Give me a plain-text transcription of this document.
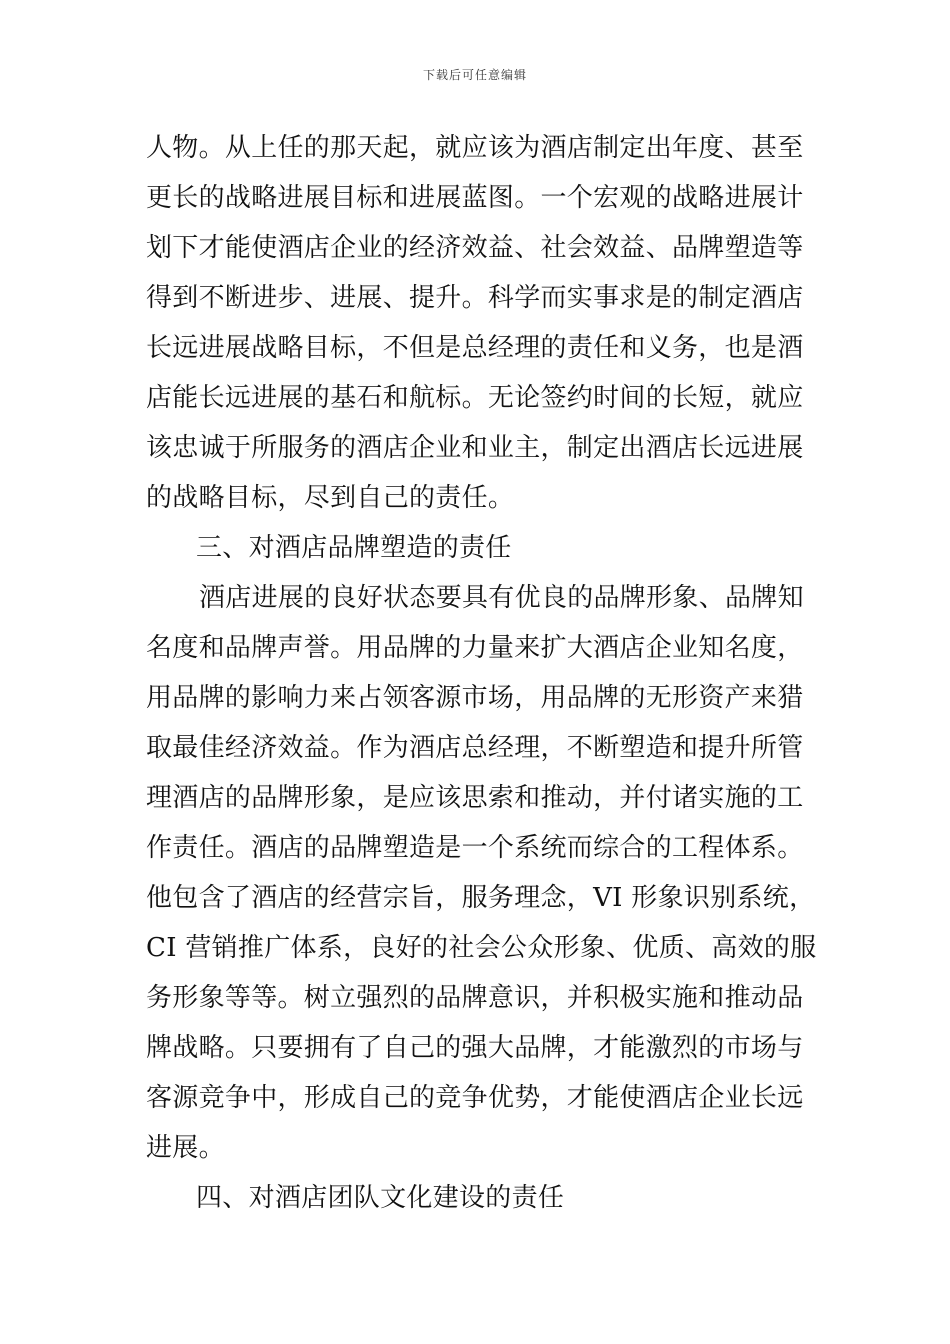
下载后可任意编辑
人物。从上任的那天起，就应该为酒店制定出年度、甚至
更长的战略进展目标和进展蓝图。一个宏观的战略进展计
划下才能使酒店企业的经济效益、社会效益、品牌塑造等
得到不断进步、进展、提升。科学而实事求是的制定酒店
长远进展战略目标，不但是总经理的责任和义务，也是酒
店能长远进展的基石和航标。无论签约时间的长短，就应
该忠诚于所服务的酒店企业和业主，制定出酒店长远进展
的战略目标，尽到自己的责任。
三、对酒店品牌塑造的责任
酒店进展的良好状态要具有优良的品牌形象、品牌知
名度和品牌声誉。用品牌的力量来扩大酒店企业知名度，
用品牌的影响力来占领客源市场，用品牌的无形资产来猎
取最佳经济效益。作为酒店总经理，不断塑造和提升所管
理酒店的品牌形象，是应该思索和推动，并付诸实施的工
作责任。酒店的品牌塑造是一个系统而综合的工程体系。
他包含了酒店的经营宗旨，服务理念，VI 形象识别系统，
CI 营销推广体系，良好的社会公众形象、优质、高效的服
务形象等等。树立强烈的品牌意识，并积极实施和推动品
牌战略。只要拥有了自己的强大品牌，才能激烈的市场与
客源竞争中，形成自己的竞争优势，才能使酒店企业长远
进展。
四、对酒店团队文化建设的责任
